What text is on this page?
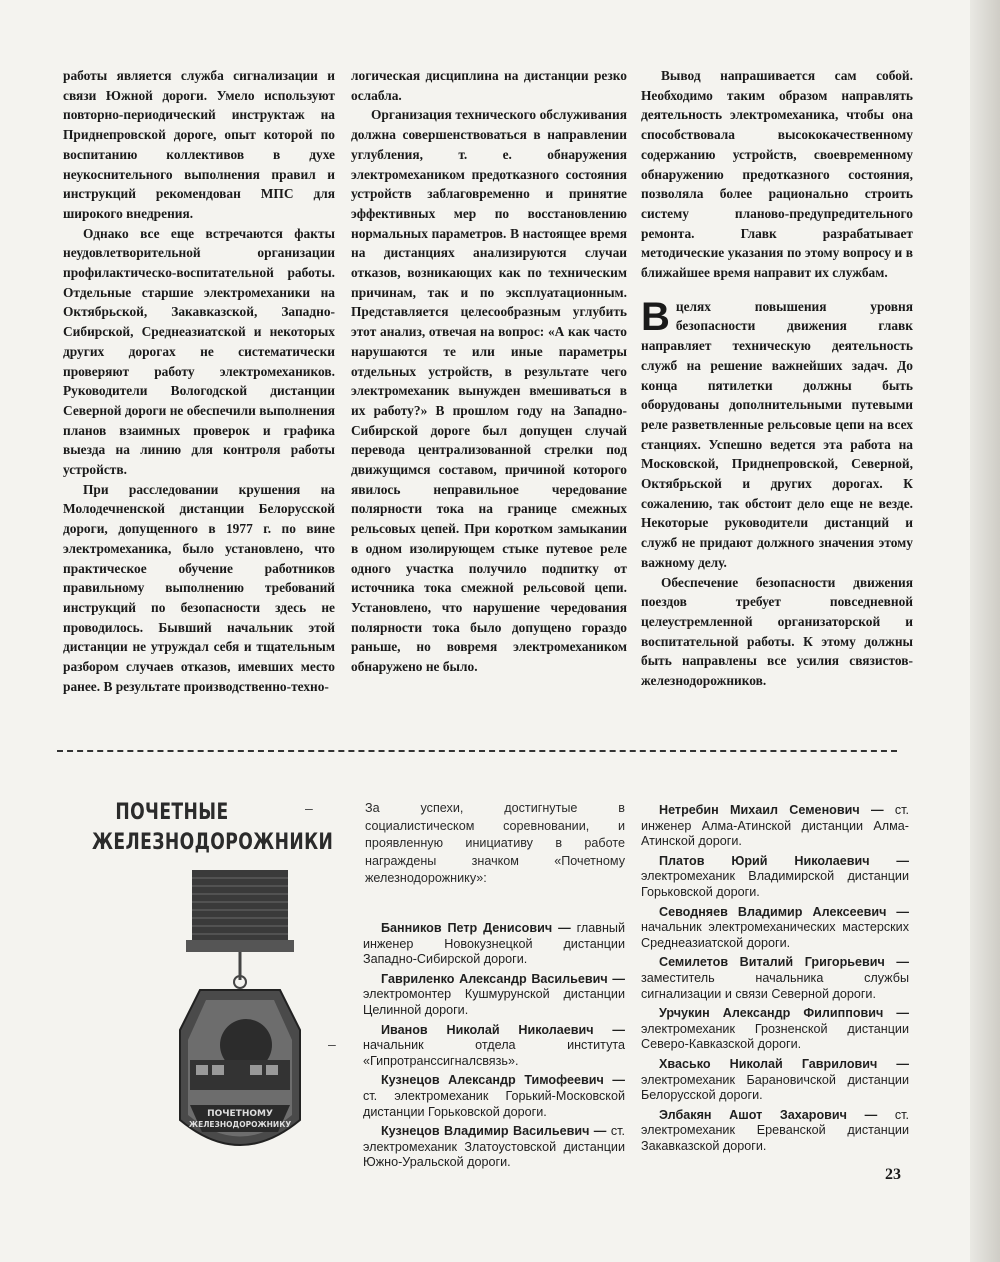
работы является служба сигнализации и связи Южной дороги. Умело используют повторно-периодический инструктаж на Приднепровской дороге, опыт которой по воспитанию коллективов в духе неукоснительного выполнения правил и инструкций рекомендован МПС для широкого внедрения.

Однако все еще встречаются факты неудовлетворительной организации профилактическо-воспитательной работы. Отдельные старшие электромеханики на Октябрьской, Закавказской, Западно-Сибирской, Среднеазиатской и некоторых других дорогах не систематически проверяют работу электромехаников. Руководители Вологодской дистанции Северной дороги не обеспечили выполнения планов взаимных проверок и графика выезда на линию для контроля работы устройств.

При расследовании крушения на Молодечненской дистанции Белорусской дороги, допущенного в 1977 г. по вине электромеханика, было установлено, что практическое обучение работников правильному выполнению требований инструкций по безопасности здесь не проводилось. Бывший начальник этой дистанции не утруждал себя и тщательным разбором случаев отказов, имевших место ранее. В результате производственно-техно-

логическая дисциплина на дистанции резко ослабла.

Организация технического обслуживания должна совершенствоваться в направлении углубления, т. е. обнаружения электромехаником предотказного состояния устройств заблаговременно и принятие эффективных мер по восстановлению нормальных параметров. В настоящее время на дистанциях анализируются случаи отказов, возникающих как по техническим причинам, так и по эксплуатационным. Представляется целесообразным углубить этот анализ, отвечая на вопрос: «А как часто нарушаются те или иные параметры отдельных устройств, в результате чего электромеханик вынужден вмешиваться в их работу?» В прошлом году на Западно-Сибирской дороге был допущен случай перевода централизованной стрелки под движущимся составом, причиной которого явилось неправильное чередование полярности тока на границе смежных рельсовых цепей. При коротком замыкании в одном изолирующем стыке путевое реле одного участка получило подпитку от источника тока смежной рельсовой цепи. Установлено, что нарушение чередования полярности тока было допущено гораздо раньше, но вовремя электромехаником обнаружено не было.

Вывод напрашивается сам собой. Необходимо таким образом направлять деятельность электромеханика, чтобы она способствовала высококачественному содержанию устройств, своевременному обнаружению предотказного состояния, позволяла более рационально строить систему планово-предупредительного ремонта. Главк разрабатывает методические указания по этому вопросу и в ближайшее время направит их службам.

Вцелях повышения уровня безопасности движения главк направляет техническую деятельность служб на решение важнейших задач. До конца пятилетки должны быть оборудованы дополнительными путевыми реле разветвленные рельсовые цепи на всех станциях. Успешно ведется эта работа на Московской, Приднепровской, Северной, Октябрьской и других дорогах. К сожалению, так обстоит дело еще не везде. Некоторые руководители дистанций и служб не придают должного значения этому важному делу.

Обеспечение безопасности движения поездов требует повседневной целеустремленной организаторской и воспитательной работы. К этому должны быть направлены все усилия связистов-железнодорожников.

ПОЧЕТНЫЕ
ЖЕЛЕЗНОДОРОЖНИКИ
–
–
ПОЧЕТНОМУ
ЖЕЛЕЗНОДОРОЖНИКУ
За успехи, достигнутые в социалистическом соревновании, и проявленную инициативу в работе награждены значком «Почетному железнодорожнику»:

Банников Петр Денисович — главный инженер Новокузнецкой дистанции Западно-Сибирской дороги.

Гавриленко Александр Васильевич — электромонтер Кушмурунской дистанции Целинной дороги.

Иванов Николай Николаевич — начальник отдела института «Гипротранссигналсвязь».

Кузнецов Александр Тимофеевич — ст. электромеханик Горький-Московской дистанции Горьковской дороги.

Кузнецов Владимир Васильевич — ст. электромеханик Златоустовской дистанции Южно-Уральской дороги.

Нетребин Михаил Семенович — ст. инженер Алма-Атинской дистанции Алма-Атинской дороги.

Платов Юрий Николаевич — электромеханик Владимирской дистанции Горьковской дороги.

Севодняев Владимир Алексеевич — начальник электромеханических мастерских Среднеазиатской дороги.

Семилетов Виталий Григорьевич — заместитель начальника службы сигнализации и связи Северной дороги.

Урчукин Александр Филиппович — электромеханик Грозненской дистанции Северо-Кавказской дороги.

Хвасько Николай Гаврилович — электромеханик Барановичской дистанции Белорусской дороги.

Элбакян Ашот Захарович — ст. электромеханик Ереванской дистанции Закавказской дороги.

23
